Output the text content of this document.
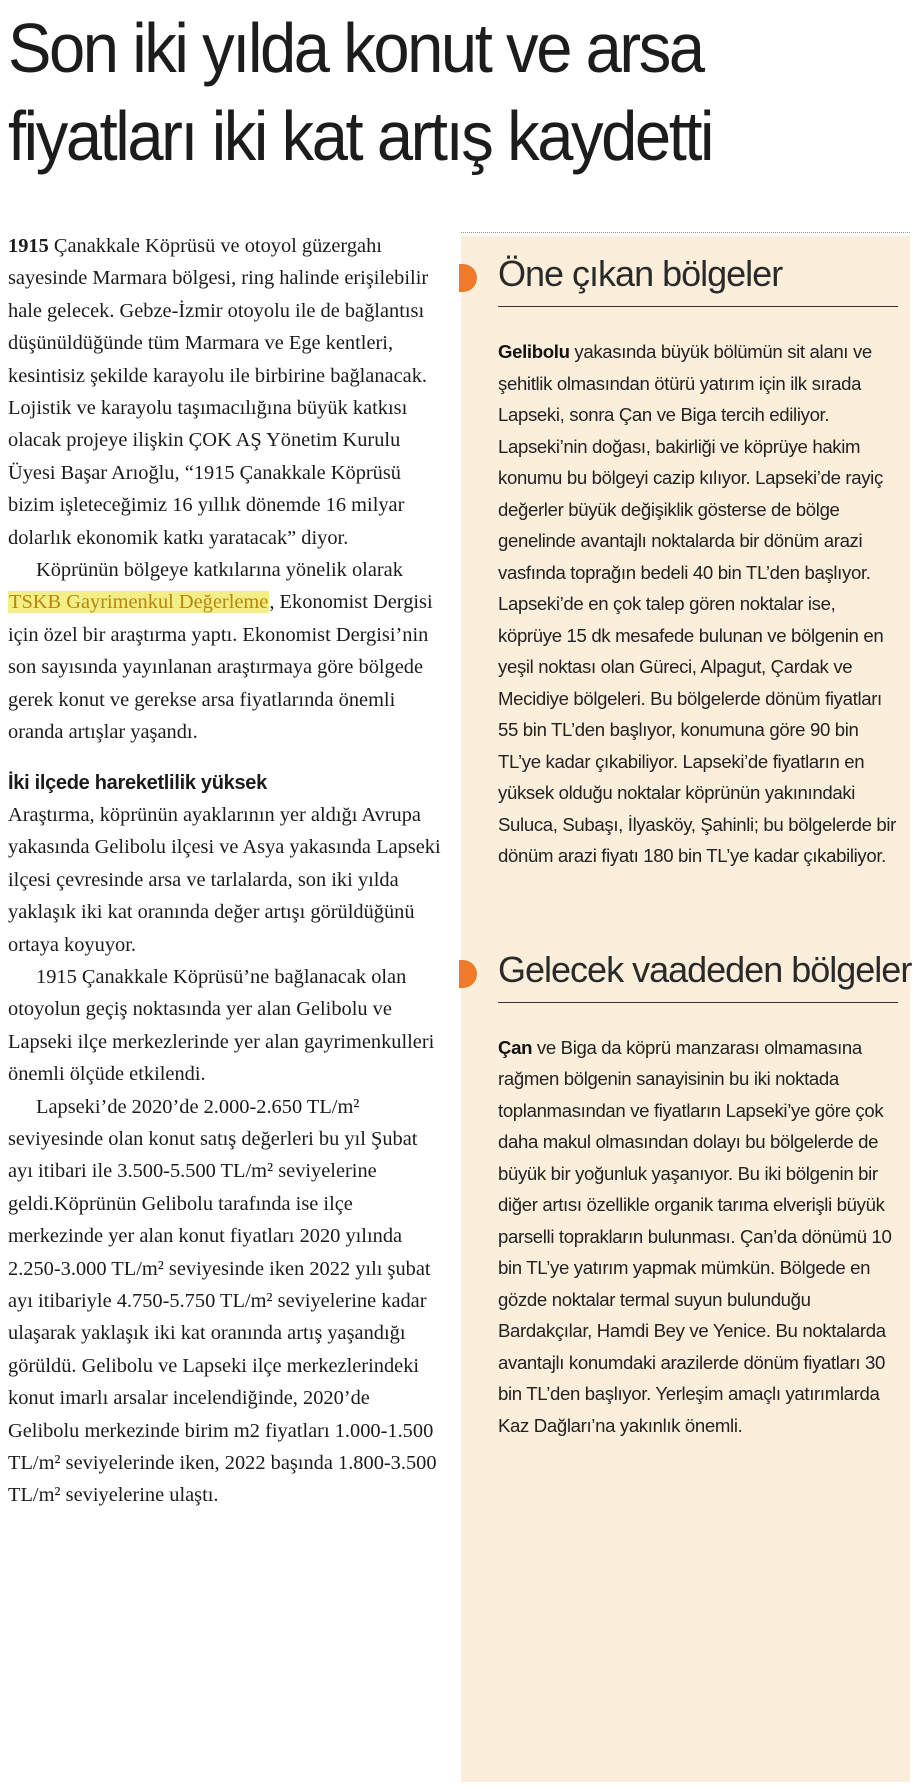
Son iki yılda konut ve arsa
fiyatları iki kat artış kaydetti

1915 Çanakkale Köprüsü ve otoyol güzergahı sayesinde Marmara bölgesi, ring halinde erişilebilir hale gelecek. Gebze-İzmir otoyolu ile de bağlantısı düşünüldüğünde tüm Marmara ve Ege kentleri, kesintisiz şekilde karayolu ile birbirine bağlanacak. Lojistik ve karayolu taşımacılığına büyük katkısı olacak projeye ilişkin ÇOK AŞ Yönetim Kurulu Üyesi Başar Arıoğlu, “1915 Çanakkale Köprüsü bizim işleteceğimiz 16 yıllık dönemde 16 milyar dolarlık ekonomik katkı yaratacak” diyor.

Köprünün bölgeye katkılarına yönelik olarak TSKB Gayrimenkul Değerleme, Ekonomist Dergisi için özel bir araştırma yaptı. Ekonomist Dergisi’nin son sayısında yayınlanan araştırmaya göre bölgede gerek konut ve gerekse arsa fiyatlarında önemli oranda artışlar yaşandı.

İki ilçede hareketlilik yüksek

Araştırma, köprünün ayaklarının yer aldığı Avrupa yakasında Gelibolu ilçesi ve Asya yakasında Lapseki ilçesi çevresinde arsa ve tarlalarda, son iki yılda yaklaşık iki kat oranında değer artışı görüldüğünü ortaya koyuyor.

1915 Çanakkale Köprüsü’ne bağlanacak olan otoyolun geçiş noktasında yer alan Gelibolu ve Lapseki ilçe merkezlerinde yer alan gayrimenkulleri önemli ölçüde etkilendi.

Lapseki’de 2020’de 2.000-2.650 TL/m² seviyesinde olan konut satış değerleri bu yıl Şubat ayı itibari ile 3.500-5.500 TL/m² seviyelerine geldi.Köprünün Gelibolu tarafında ise ilçe merkezinde yer alan konut fiyatları 2020 yılında 2.250-3.000 TL/m² seviyesinde iken 2022 yılı şubat ayı itibariyle 4.750-5.750 TL/m² seviyelerine kadar ulaşarak yaklaşık iki kat oranında artış yaşandığı görüldü. Gelibolu ve Lapseki ilçe merkezlerindeki konut imarlı arsalar incelendiğinde, 2020’de Gelibolu merkezinde birim m2 fiyatları 1.000-1.500 TL/m² seviyelerinde iken, 2022 başında 1.800-3.500 TL/m² seviyelerine ulaştı.

Öne çıkan bölgeler
Gelibolu yakasında büyük bölümün sit alanı ve şehitlik olmasından ötürü yatırım için ilk sırada Lapseki, sonra Çan ve Biga tercih ediliyor. Lapseki’nin doğası, bakirliği ve köprüye hakim konumu bu bölgeyi cazip kılıyor. Lapseki’de rayiç değerler büyük değişiklik gösterse de bölge genelinde avantajlı noktalarda bir dönüm arazi vasfında toprağın bedeli 40 bin TL’den başlıyor. Lapseki’de en çok talep gören noktalar ise, köprüye 15 dk mesafede bulunan ve bölgenin en yeşil noktası olan Güreci, Alpagut, Çardak ve Mecidiye bölgeleri. Bu bölgelerde dönüm fiyatları 55 bin TL’den başlıyor, konumuna göre 90 bin TL’ye kadar çıkabiliyor. Lapseki’de fiyatların en yüksek olduğu noktalar köprünün yakınındaki Suluca, Subaşı, İlyasköy, Şahinli; bu bölgelerde bir dönüm arazi fiyatı 180 bin TL’ye kadar çıkabiliyor.
Gelecek vaadeden bölgeler
Çan ve Biga da köprü manzarası olmamasına rağmen bölgenin sanayisinin bu iki noktada toplanmasından ve fiyatların Lapseki’ye göre çok daha makul olmasından dolayı bu bölgelerde de büyük bir yoğunluk yaşanıyor. Bu iki bölgenin bir diğer artısı özellikle organik tarıma elverişli büyük parselli toprakların bulunması. Çan’da dönümü 10 bin TL’ye yatırım yapmak mümkün. Bölgede en gözde noktalar termal suyun bulunduğu Bardakçılar, Hamdi Bey ve Yenice. Bu noktalarda avantajlı konumdaki arazilerde dönüm fiyatları 30 bin TL’den başlıyor. Yerleşim amaçlı yatırımlarda Kaz Dağları’na yakınlık önemli.
